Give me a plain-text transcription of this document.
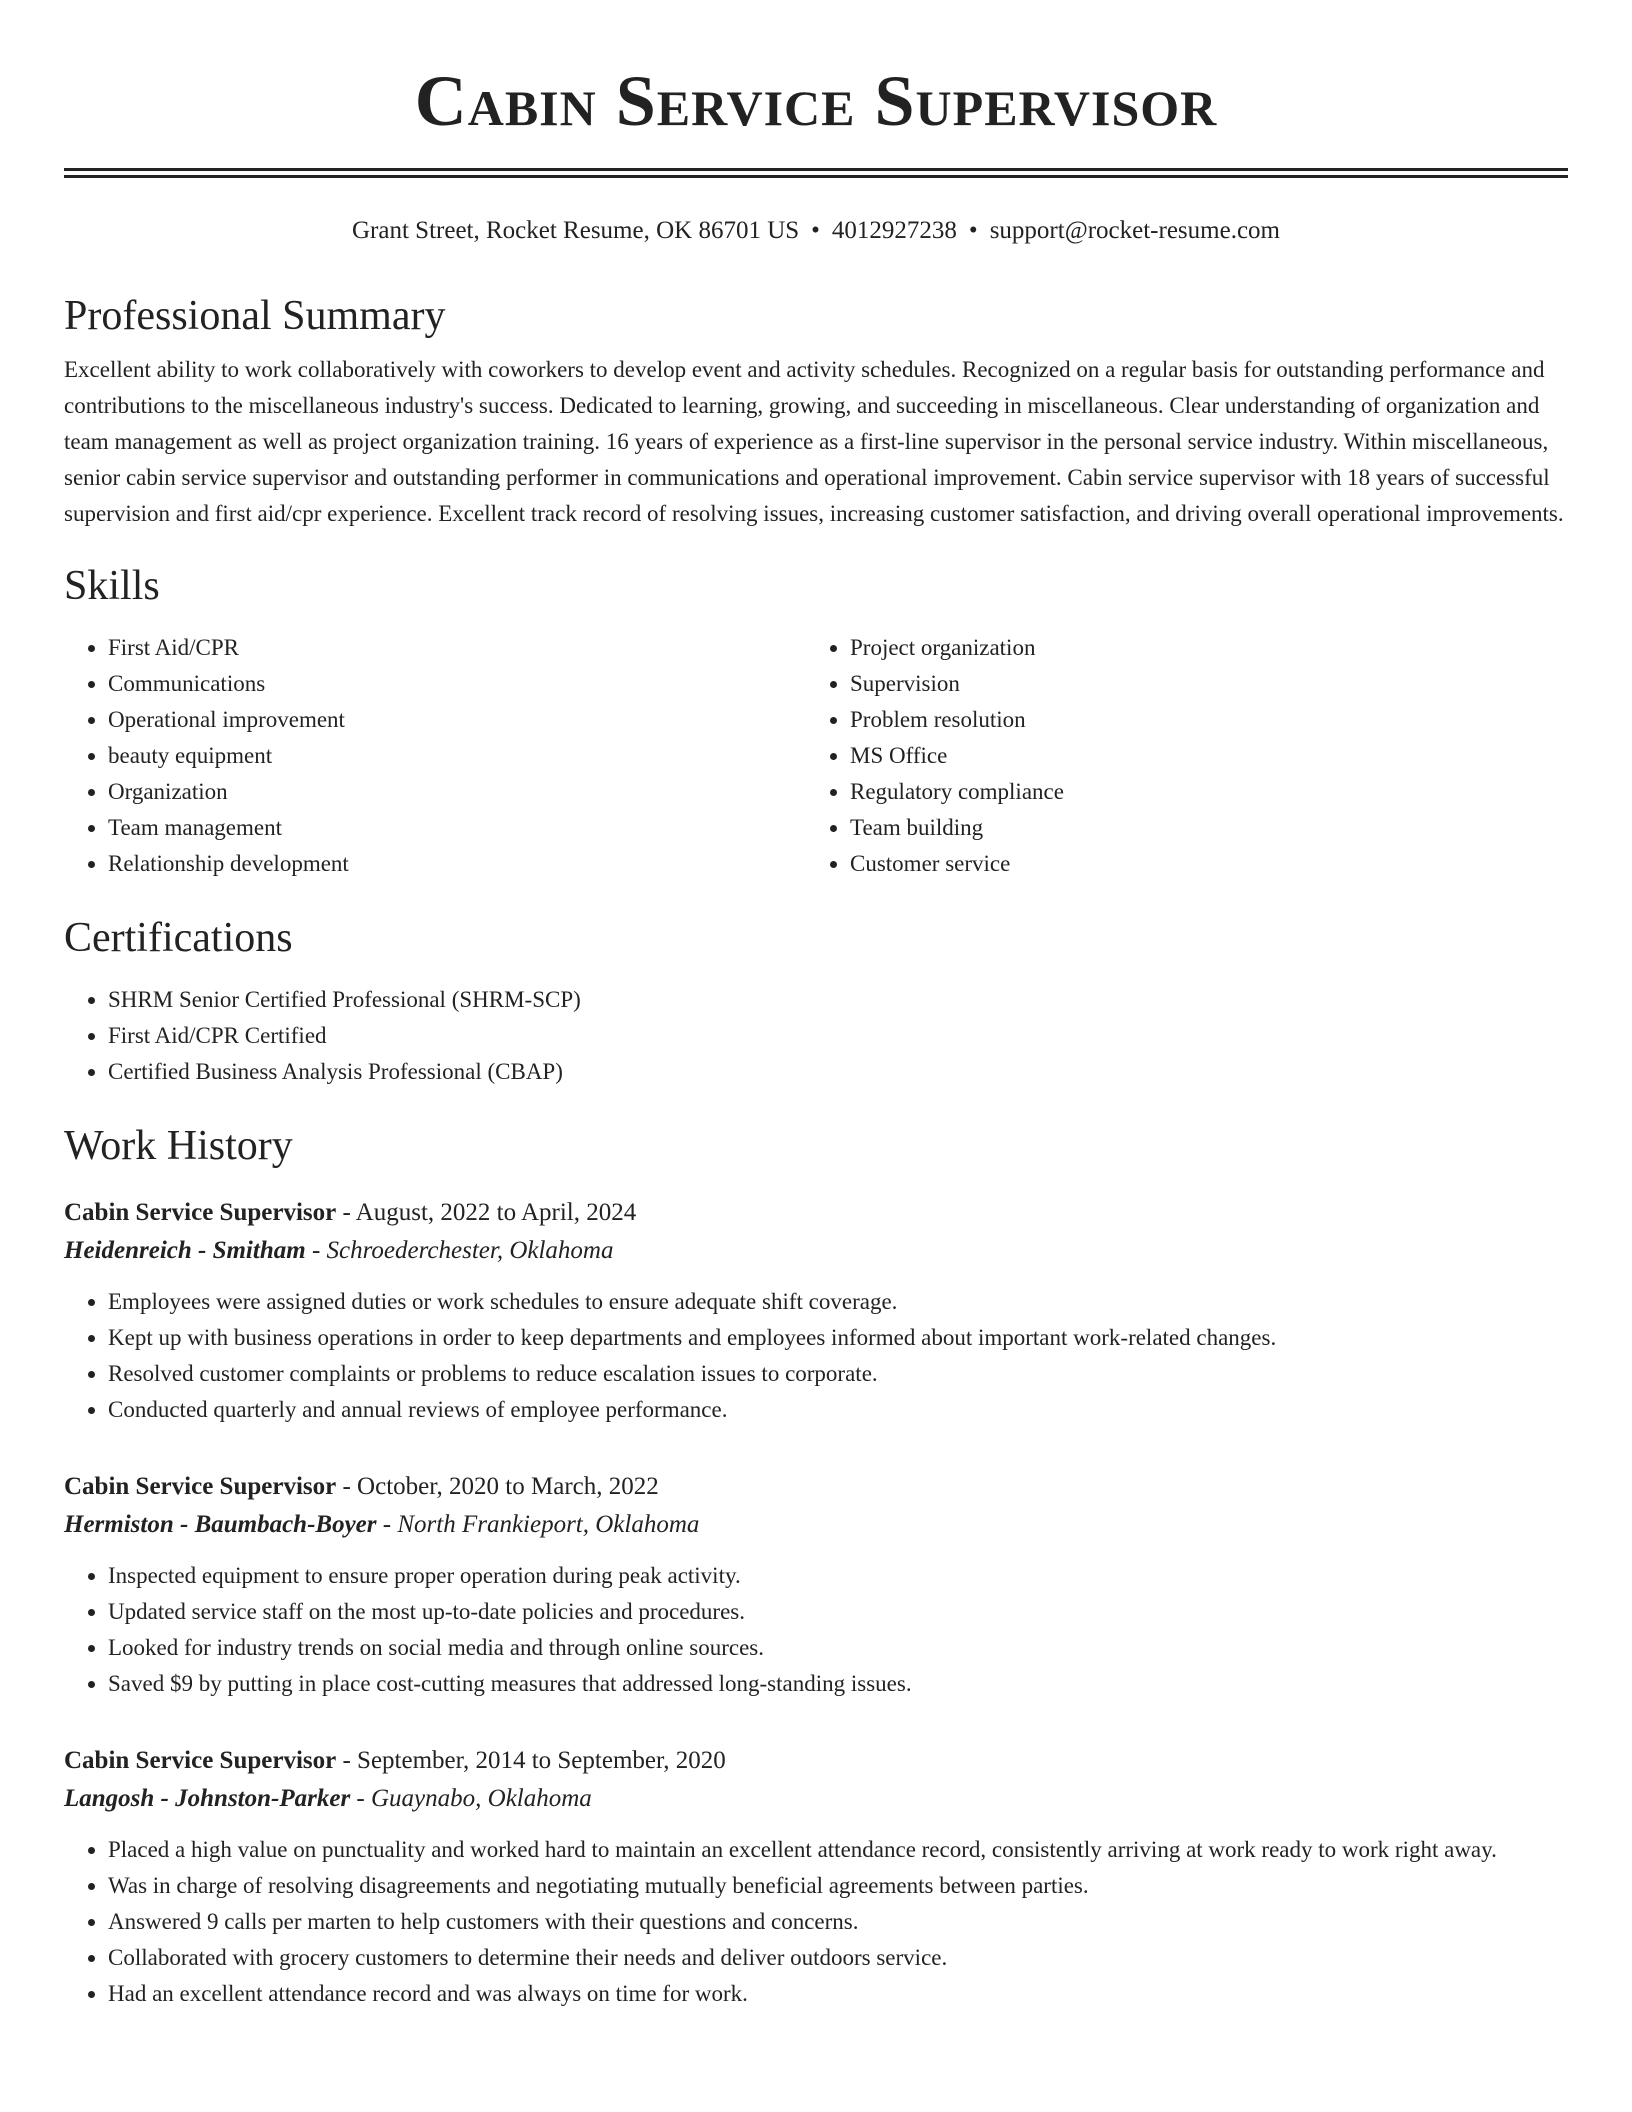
Cabin Service Supervisor
Grant Street, Rocket Resume, OK 86701 US • 4012927238 • support@rocket-resume.com
Professional Summary

Excellent ability to work collaboratively with coworkers to develop event and activity schedules. Recognized on a regular basis for outstanding performance and contributions to the miscellaneous industry's success. Dedicated to learning, growing, and succeeding in miscellaneous. Clear understanding of organization and team management as well as project organization training. 16 years of experience as a first-line supervisor in the personal service industry. Within miscellaneous, senior cabin service supervisor and outstanding performer in communications and operational improvement. Cabin service supervisor with 18 years of successful supervision and first aid/cpr experience. Excellent track record of resolving issues, increasing customer satisfaction, and driving overall operational improvements.

Skills
• First Aid/CPR
• Communications
• Operational improvement
• beauty equipment
• Organization
• Team management
• Relationship development
• Project organization
• Supervision
• Problem resolution
• MS Office
• Regulatory compliance
• Team building
• Customer service
Certifications
• SHRM Senior Certified Professional (SHRM-SCP)
• First Aid/CPR Certified
• Certified Business Analysis Professional (CBAP)
Work History
Cabin Service Supervisor - August, 2022 to April, 2024
Heidenreich - Smitham - Schroederchester, Oklahoma
• Employees were assigned duties or work schedules to ensure adequate shift coverage.
• Kept up with business operations in order to keep departments and employees informed about important work-related changes.
• Resolved customer complaints or problems to reduce escalation issues to corporate.
• Conducted quarterly and annual reviews of employee performance.
Cabin Service Supervisor - October, 2020 to March, 2022
Hermiston - Baumbach-Boyer - North Frankieport, Oklahoma
• Inspected equipment to ensure proper operation during peak activity.
• Updated service staff on the most up-to-date policies and procedures.
• Looked for industry trends on social media and through online sources.
• Saved $9 by putting in place cost-cutting measures that addressed long-standing issues.
Cabin Service Supervisor - September, 2014 to September, 2020
Langosh - Johnston-Parker - Guaynabo, Oklahoma
• Placed a high value on punctuality and worked hard to maintain an excellent attendance record, consistently arriving at work ready to work right away.
• Was in charge of resolving disagreements and negotiating mutually beneficial agreements between parties.
• Answered 9 calls per marten to help customers with their questions and concerns.
• Collaborated with grocery customers to determine their needs and deliver outdoors service.
• Had an excellent attendance record and was always on time for work.
